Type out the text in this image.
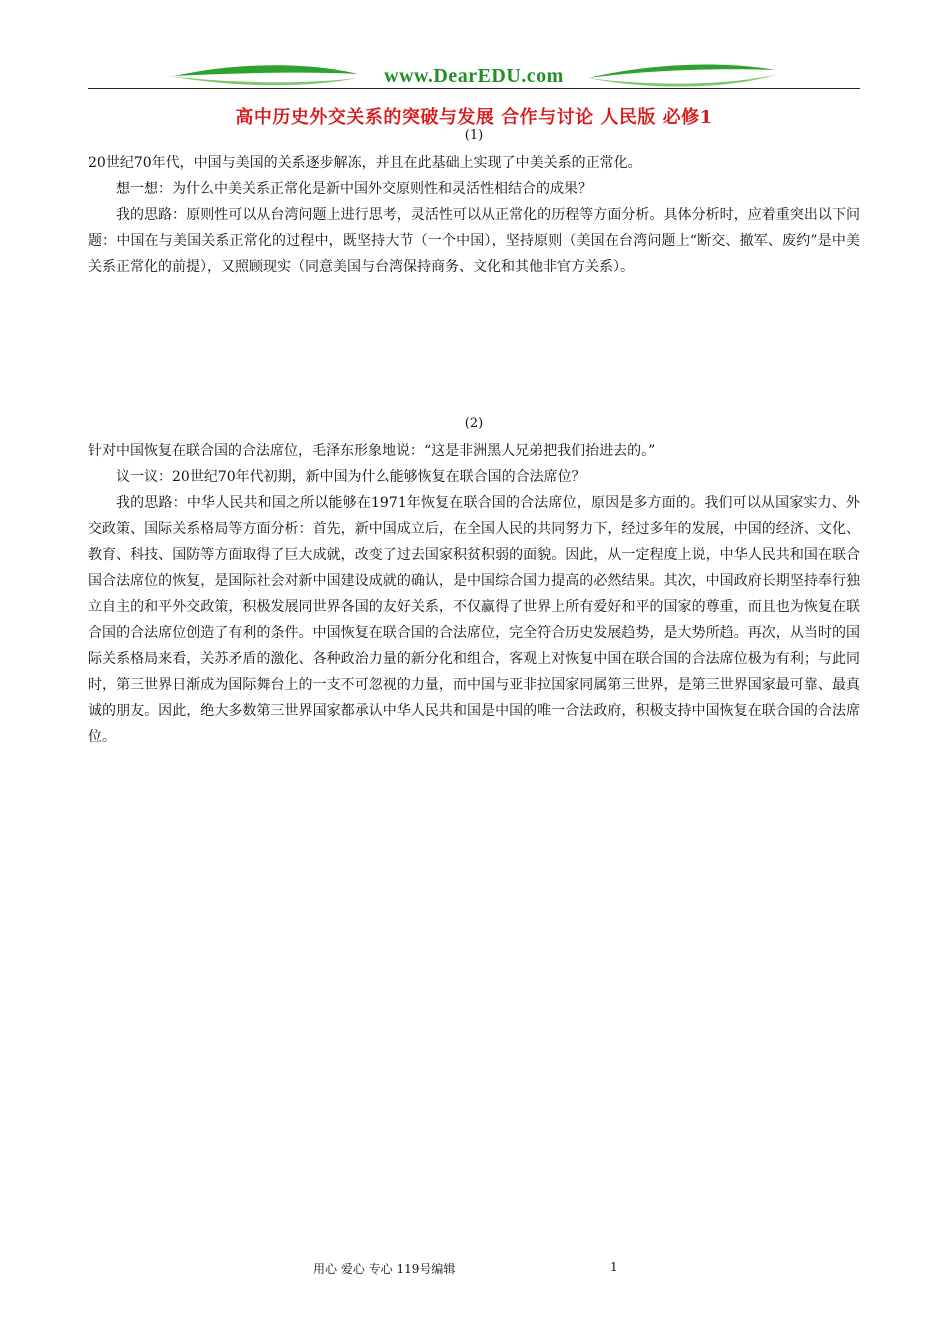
www.DearEDU.com
高中历史外交关系的突破与发展 合作与讨论 人民版 必修1
(1)

20世纪70年代，中国与美国的关系逐步解冻，并且在此基础上实现了中美关系的正常化。

想一想：为什么中美关系正常化是新中国外交原则性和灵活性相结合的成果？

我的思路：原则性可以从台湾问题上进行思考，灵活性可以从正常化的历程等方面分析。具体分析时，应着重突出以下问题：中国在与美国关系正常化的过程中，既坚持大节（一个中国），坚持原则（美国在台湾问题上“断交、撤军、废约”是中美关系正常化的前提），又照顾现实（同意美国与台湾保持商务、文化和其他非官方关系）。

(2)

针对中国恢复在联合国的合法席位，毛泽东形象地说：“这是非洲黑人兄弟把我们抬进去的。”

议一议：20世纪70年代初期，新中国为什么能够恢复在联合国的合法席位？

我的思路：中华人民共和国之所以能够在1971年恢复在联合国的合法席位，原因是多方面的。我们可以从国家实力、外交政策、国际关系格局等方面分析：首先，新中国成立后，在全国人民的共同努力下，经过多年的发展，中国的经济、文化、教育、科技、国防等方面取得了巨大成就，改变了过去国家积贫积弱的面貌。因此，从一定程度上说，中华人民共和国在联合国合法席位的恢复，是国际社会对新中国建设成就的确认，是中国综合国力提高的必然结果。其次，中国政府长期坚持奉行独立自主的和平外交政策，积极发展同世界各国的友好关系，不仅赢得了世界上所有爱好和平的国家的尊重，而且也为恢复在联合国的合法席位创造了有利的条件。中国恢复在联合国的合法席位，完全符合历史发展趋势，是大势所趋。再次，从当时的国际关系格局来看，关苏矛盾的激化、各种政治力量的新分化和组合，客观上对恢复中国在联合国的合法席位极为有利；与此同时，第三世界日渐成为国际舞台上的一支不可忽视的力量，而中国与亚非拉国家同属第三世界，是第三世界国家最可靠、最真诚的朋友。因此，绝大多数第三世界国家都承认中华人民共和国是中国的唯一合法政府，积极支持中国恢复在联合国的合法席位。

用心 爱心 专心 119号编辑	1
